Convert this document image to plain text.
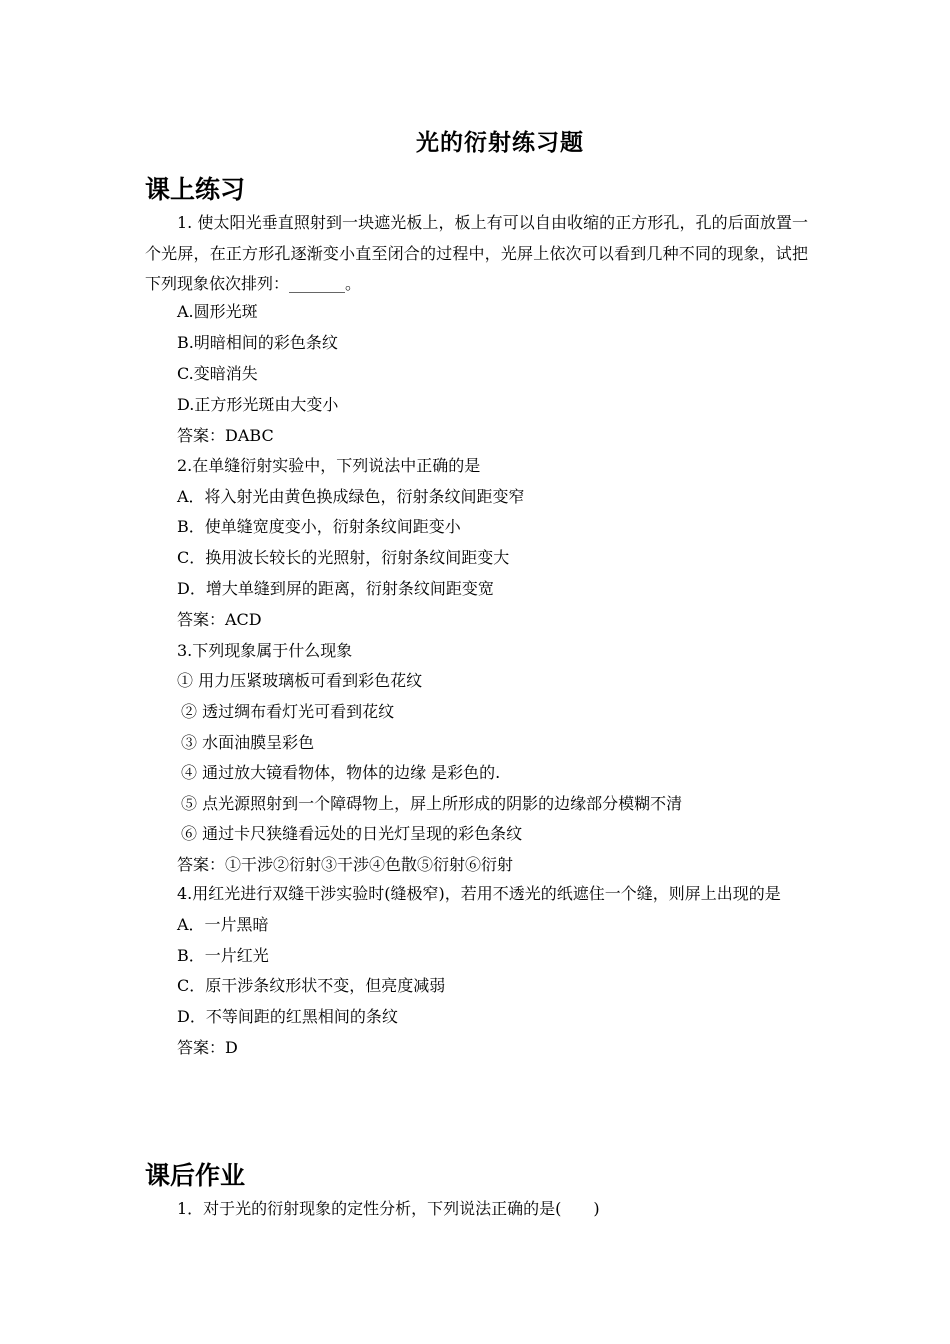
光的衍射练习题
课上练习
1. 使太阳光垂直照射到一块遮光板上，板上有可以自由收缩的正方形孔，孔的后面放置一个光屏，在正方形孔逐渐变小直至闭合的过程中，光屏上依次可以看到几种不同的现象，试把下列现象依次排列：_______。
A.圆形光斑
B.明暗相间的彩色条纹
C.变暗消失
D.正方形光斑由大变小
答案：DABC
2.在单缝衍射实验中，下列说法中正确的是
A．将入射光由黄色换成绿色，衍射条纹间距变窄
B．使单缝宽度变小，衍射条纹间距变小
C．换用波长较长的光照射，衍射条纹间距变大
D．增大单缝到屏的距离，衍射条纹间距变宽
答案：ACD
3.下列现象属于什么现象
① 用力压紧玻璃板可看到彩色花纹
② 透过绸布看灯光可看到花纹
③ 水面油膜呈彩色
④ 通过放大镜看物体，物体的边缘 是彩色的.
⑤ 点光源照射到一个障碍物上，屏上所形成的阴影的边缘部分模糊不清
⑥ 通过卡尺狭缝看远处的日光灯呈现的彩色条纹
答案：①干涉②衍射③干涉④色散⑤衍射⑥衍射
4.用红光进行双缝干涉实验时(缝极窄)，若用不透光的纸遮住一个缝，则屏上出现的是
A．一片黑暗
B．一片红光
C．原干涉条纹形状不变，但亮度减弱
D．不等间距的红黑相间的条纹
答案：D
课后作业
1．对于光的衍射现象的定性分析，下列说法正确的是(　　)
